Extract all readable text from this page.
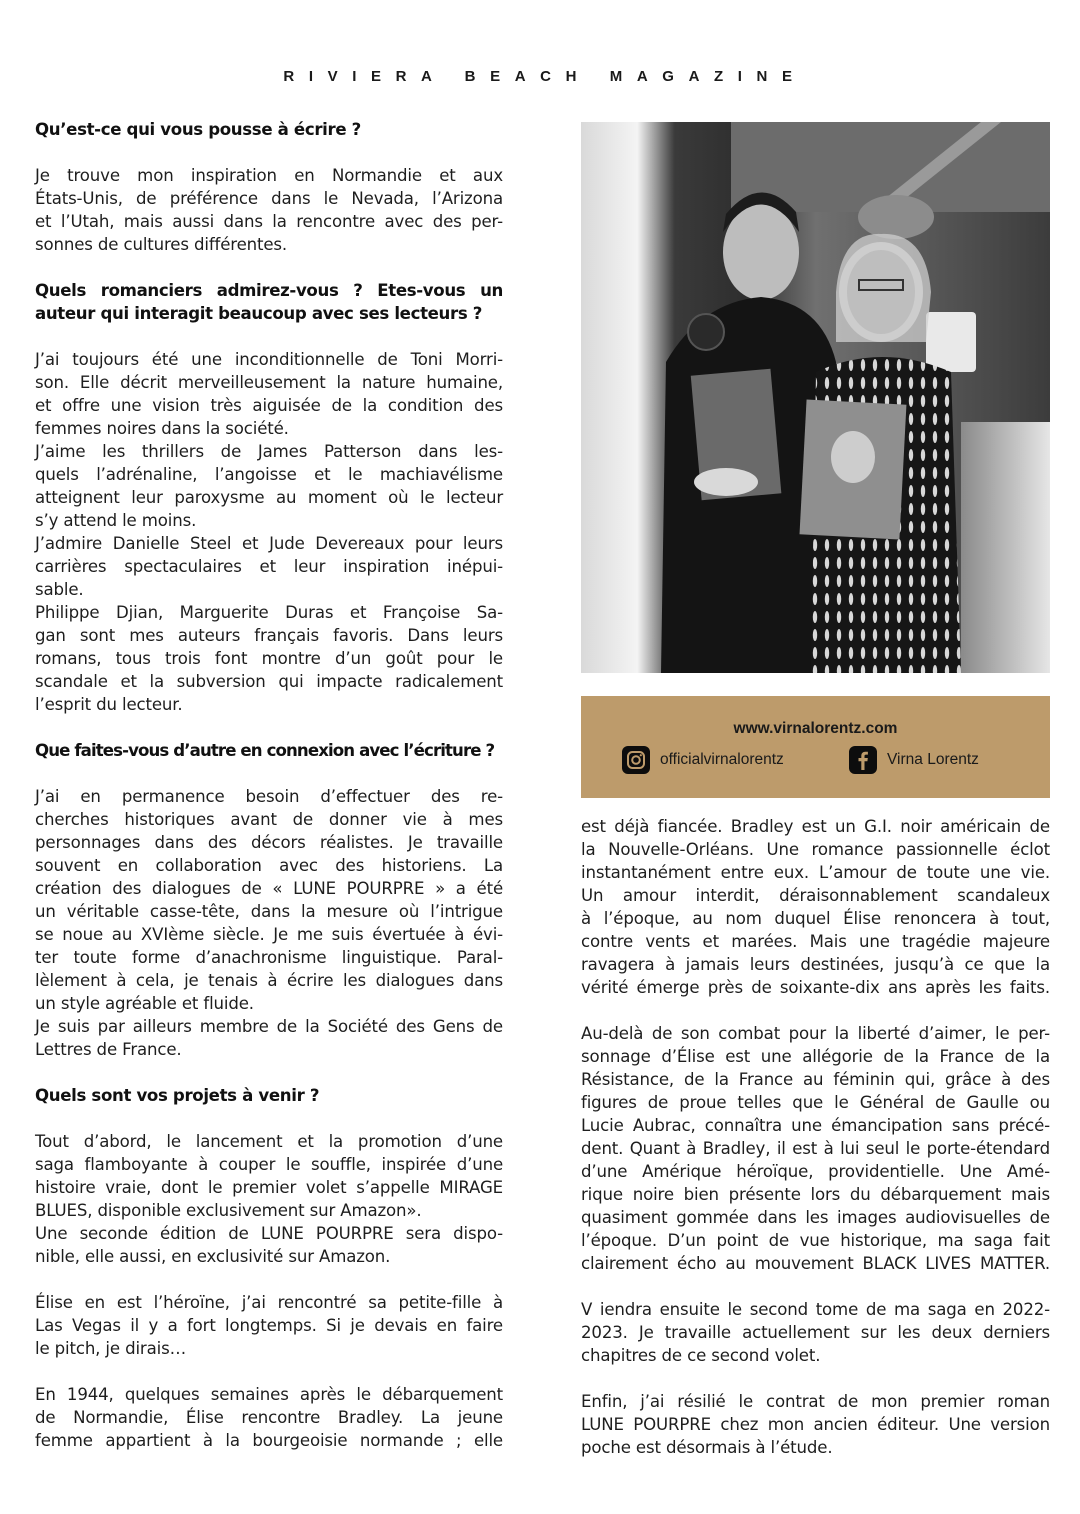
RIVIERA BEACH MAGAZINE
Qu’est-ce qui vous pousse à écrire ?
Je trouve mon inspiration en Normandie et aux
États-Unis, de préférence dans le Nevada, l’Arizona
et l’Utah, mais aussi dans la rencontre avec des per-
sonnes de cultures différentes.
Quels romanciers admirez-vous ? Etes-vous un
auteur qui interagit beaucoup avec ses lecteurs ?
J’ai toujours été une inconditionnelle de Toni Morri-
son. Elle décrit merveilleusement la nature humaine,
et offre une vision très aiguisée de la condition des
femmes noires dans la société.
J’aime les thrillers de James Patterson dans les-
quels l’adrénaline, l’angoisse et le machiavélisme
atteignent leur paroxysme au moment où le lecteur
s’y attend le moins.
J’admire Danielle Steel et Jude Devereaux pour leurs
carrières spectaculaires et leur inspiration inépui-
sable.
Philippe Djian, Marguerite Duras et Françoise Sa-
gan sont mes auteurs français favoris. Dans leurs
romans, tous trois font montre d’un goût pour le
scandale et la subversion qui impacte radicalement
l’esprit du lecteur.
Que faites-vous d’autre en connexion avec l’écriture ?
J’ai en permanence besoin d’effectuer des re-
cherches historiques avant de donner vie à mes
personnages dans des décors réalistes. Je travaille
souvent en collaboration avec des historiens. La
création des dialogues de « LUNE POURPRE » a été
un véritable casse-tête, dans la mesure où l’intrigue
se noue au XVIème siècle. Je me suis évertuée à évi-
ter toute forme d’anachronisme linguistique. Paral-
lèlement à cela, je tenais à écrire les dialogues dans
un style agréable et fluide.
Je suis par ailleurs membre de la Société des Gens de
Lettres de France.
Quels sont vos projets à venir ?
Tout d’abord, le lancement et la promotion d’une
saga flamboyante à couper le souffle, inspirée d’une
histoire vraie, dont le premier volet s’appelle MIRAGE
BLUES, disponible exclusivement sur Amazon».
Une seconde édition de LUNE POURPRE sera dispo-
nible, elle aussi, en exclusivité sur Amazon.
Élise en est l’héroïne, j’ai rencontré sa petite-fille à
Las Vegas il y a fort longtemps. Si je devais en faire
le pitch, je dirais…
En 1944, quelques semaines après le débarquement
de Normandie, Élise rencontre Bradley. La jeune
femme appartient à la bourgeoisie normande ; elle
www.virnalorentz.com
officialvirnalorentz	Virna Lorentz
est déjà fiancée. Bradley est un G.I. noir américain de
la Nouvelle-Orléans. Une romance passionnelle éclot
instantanément entre eux. L’amour de toute une vie.
Un amour interdit, déraisonnablement scandaleux
à l’époque, au nom duquel Élise renoncera à tout,
contre vents et marées. Mais une tragédie majeure
ravagera à jamais leurs destinées, jusqu’à ce que la
vérité émerge près de soixante-dix ans après les faits.
Au-delà de son combat pour la liberté d’aimer, le per-
sonnage d’Élise est une allégorie de la France de la
Résistance, de la France au féminin qui, grâce à des
figures de proue telles que le Général de Gaulle ou
Lucie Aubrac, connaîtra une émancipation sans précé-
dent. Quant à Bradley, il est à lui seul le porte-étendard
d’une Amérique héroïque, providentielle. Une Amé-
rique noire bien présente lors du débarquement mais
quasiment gommée dans les images audiovisuelles de
l’époque. D’un point de vue historique, ma saga fait
clairement écho au mouvement BLACK LIVES MATTER.
V iendra ensuite le second tome de ma saga en 2022-
2023. Je travaille actuellement sur les deux derniers
chapitres de ce second volet.
Enfin, j’ai résilié le contrat de mon premier roman
LUNE POURPRE chez mon ancien éditeur. Une version
poche est désormais à l’étude.
